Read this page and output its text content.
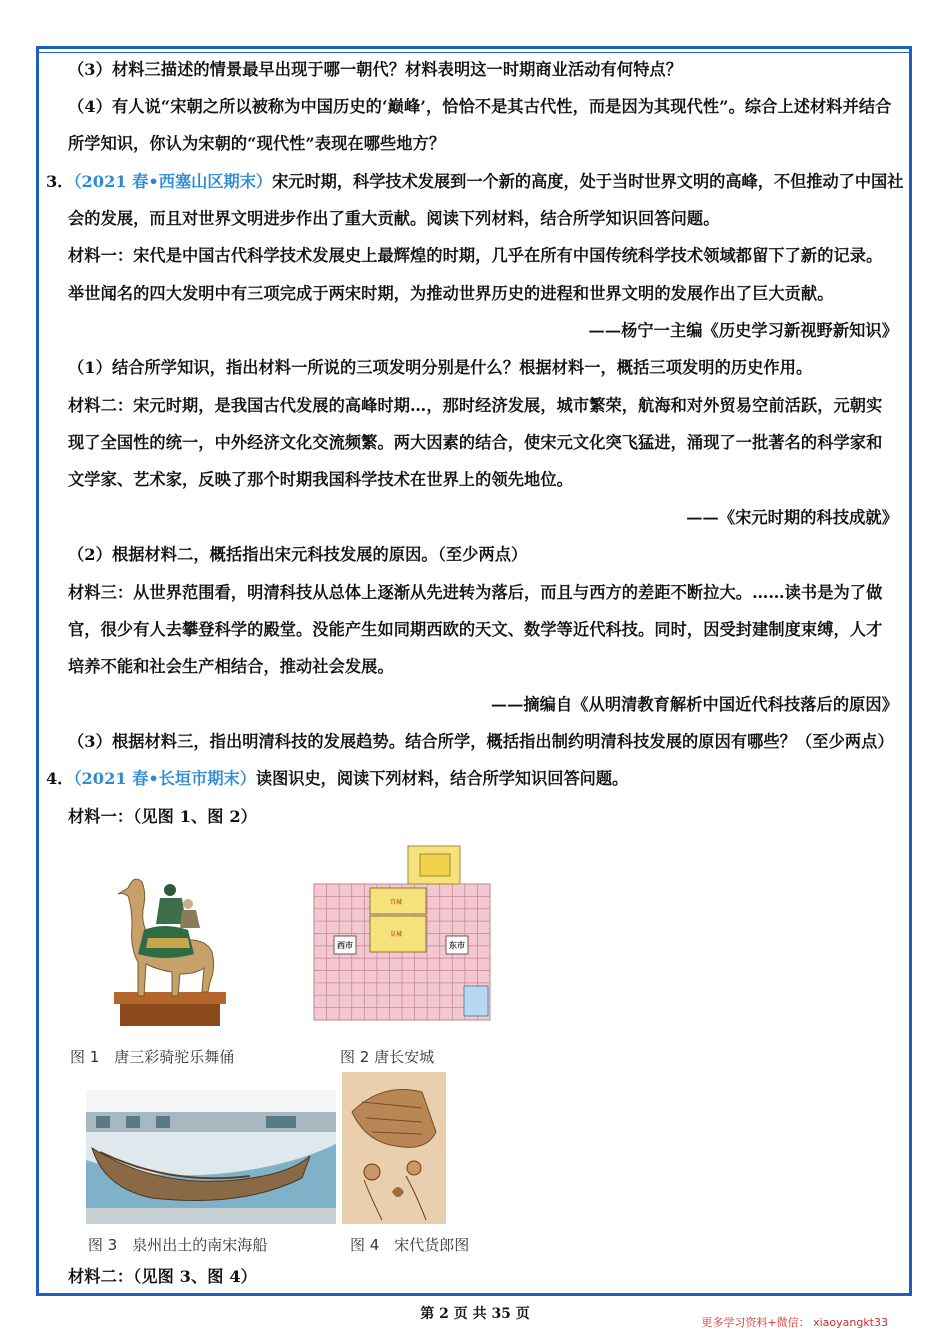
（3）材料三描述的情景最早出现于哪一朝代？材料表明这一时期商业活动有何特点？
（4）有人说“宋朝之所以被称为中国历史的‘巅峰’，恰恰不是其古代性，而是因为其现代性”。综合上述材料并结合
所学知识，你认为宋朝的“现代性”表现在哪些地方？
3．（2021 春•西塞山区期末）宋元时期，科学技术发展到一个新的高度，处于当时世界文明的高峰，不但推动了中国社
会的发展，而且对世界文明进步作出了重大贡献。阅读下列材料，结合所学知识回答问题。
材料一：宋代是中国古代科学技术发展史上最辉煌的时期，几乎在所有中国传统科学技术领域都留下了新的记录。
举世闻名的四大发明中有三项完成于两宋时期，为推动世界历史的进程和世界文明的发展作出了巨大贡献。
——杨宁一主编《历史学习新视野新知识》
（1）结合所学知识，指出材料一所说的三项发明分别是什么？根据材料一，概括三项发明的历史作用。
材料二：宋元时期，是我国古代发展的高峰时期…，那时经济发展，城市繁荣，航海和对外贸易空前活跃，元朝实
现了全国性的统一，中外经济文化交流频繁。两大因素的结合，使宋元文化突飞猛进，涌现了一批著名的科学家和
文学家、艺术家，反映了那个时期我国科学技术在世界上的领先地位。
——《宋元时期的科技成就》
（2）根据材料二，概括指出宋元科技发展的原因。（至少两点）
材料三：从世界范围看，明清科技从总体上逐渐从先进转为落后，而且与西方的差距不断拉大。……读书是为了做
官，很少有人去攀登科学的殿堂。没能产生如同期西欧的天文、数学等近代科技。同时，因受封建制度束缚，人才
培养不能和社会生产相结合，推动社会发展。
——摘编自《从明清教育解析中国近代科技落后的原因》
（3）根据材料三，指出明清科技的发展趋势。结合所学，概括指出制约明清科技发展的原因有哪些？（至少两点）
4．（2021 春•长垣市期末）读图识史，阅读下列材料，结合所学知识回答问题。
材料一：（见图 1、图 2）
图 1　唐三彩骑驼乐舞俑
宫城
皇城
西市	东市
图 2 唐长安城
图 3　泉州出土的南宋海船	图 4　宋代货郎图
材料二：（见图 3、图 4）
第 2 页 共 35 页
更多学习资料+微信： xiaoyangkt33
